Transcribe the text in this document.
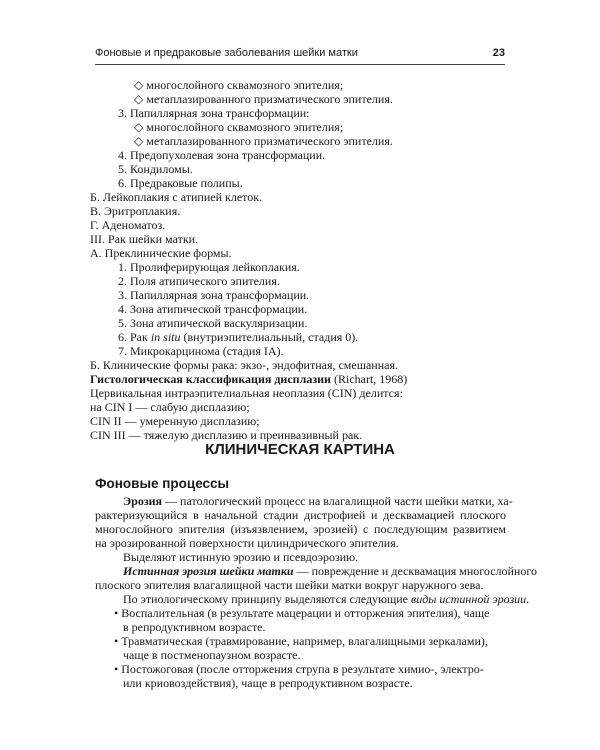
Фоновые и предраковые заболевания шейки матки	23
◇ многослойного сквамозного эпителия;
◇ метаплазированного призматического эпителия.
3. Папиллярная зона трансформации:
◇ многослойного сквамозного эпителия;
◇ метаплазированного призматического эпителия.
4. Предопухолевая зона трансформации.
5. Кондиломы.
6. Предраковые полипы.
Б. Лейкоплакия с атипией клеток.
В. Эритроплакия.
Г. Аденоматоз.
III. Рак шейки матки.
А. Преклинические формы.
1. Пролиферирующая лейкоплакия.
2. Поля атипического эпителия.
3. Папиллярная зона трансформации.
4. Зона атипической трансформации.
5. Зона атипической васкуляризации.
6. Рак in situ (внутриэпителиальный, стадия 0).
7. Микрокарцинома (стадия IA).
Б. Клинические формы рака: экзо-, эндофитная, смешанная.
Гистологическая классификация дисплазии (Richart, 1968)
Цервикальная интраэпителиальная неоплазия (CIN) делится:
на CIN I — слабую дисплазию;
CIN II — умеренную дисплазию;
CIN III — тяжелую дисплазию и преинвазивный рак.
КЛИНИЧЕСКАЯ КАРТИНА
Фоновые процессы
Эрозия — патологический процесс на влагалищной части шейки матки, ха-
рактеризующийся в начальной стадии дистрофией и десквамацией плоского
многослойного эпителия (изъязвлением, эрозией) с последующим развитием
на эрозированной поверхности цилиндрического эпителия.
Выделяют истинную эрозию и псевдоэрозию.
Истинная эрозия шейки матки — повреждение и десквамация многослойного
плоского эпителия влагалищной части шейки матки вокруг наружного зева.
По этиологическому принципу выделяются следующие виды истинной эрозии.
• Воспалительная (в результате мацерации и отторжения эпителия), чаще
в репродуктивном возрасте.
• Травматическая (травмирование, например, влагалищными зеркалами),
чаще в постменопаузном возрасте.
• Постожоговая (после отторжения струпа в результате химио-, электро-
или криовоздействия), чаще в репродуктивном возрасте.
